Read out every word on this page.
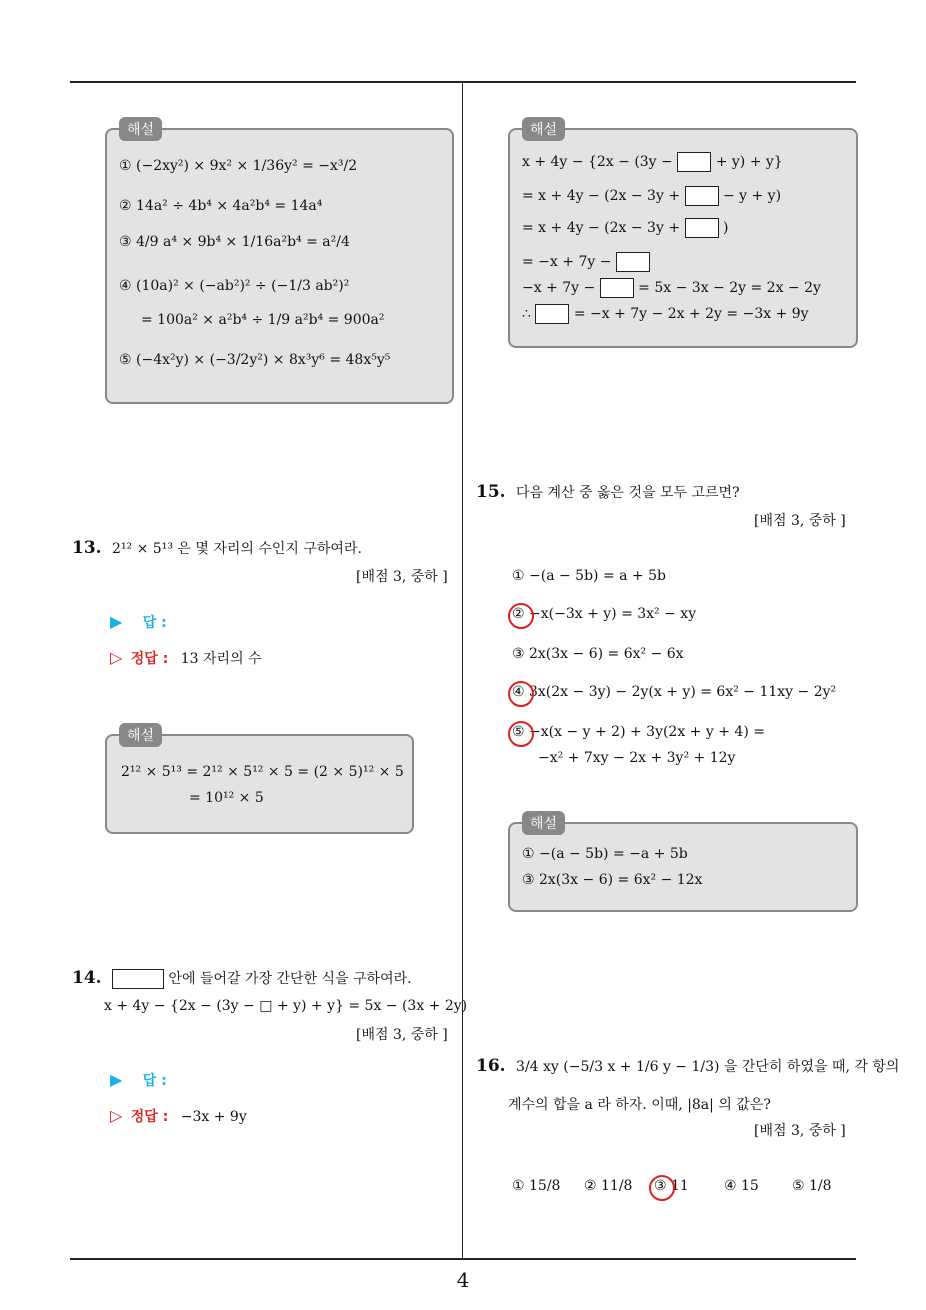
4
해설
① (−2xy²) × 9x² × 1/36y² = −x³/2
② 14a² ÷ 4b⁴ × 4a²b⁴ = 14a⁴
③ 4/9 a⁴ × 9b⁴ × 1/16a²b⁴ = a²/4
④ (10a)² × (−ab²)² ÷ (−1/3 ab²)²
= 100a² × a²b⁴ ÷ 1/9 a²b⁴ = 900a²
⑤ (−4x²y) × (−3/2y²) × 8x³y⁶ = 48x⁵y⁵
13. 2¹² × 5¹³ 은 몇 자리의 수인지 구하여라.
[배점 3, 중하 ]
▶ 답 :
▷ 정답 : 13 자리의 수
해설
2¹² × 5¹³ = 2¹² × 5¹² × 5 = (2 × 5)¹² × 5
= 10¹² × 5
14.	안에 들어갈 가장 간단한 식을 구하여라.
x + 4y − {2x − (3y − □ + y) + y} = 5x − (3x + 2y)
[배점 3, 중하 ]
▶ 답 :
▷ 정답 : −3x + 9y
해설
x + 4y − {2x − (3y −	+ y) + y}
= x + 4y − (2x − 3y +	− y + y)
= x + 4y − (2x − 3y +	)
= −x + 7y −
−x + 7y −	= 5x − 3x − 2y = 2x − 2y
∴	= −x + 7y − 2x + 2y = −3x + 9y
15. 다음 계산 중 옳은 것을 모두 고르면?
[배점 3, 중하 ]
① −(a − 5b) = a + 5b
② −x(−3x + y) = 3x² − xy
③ 2x(3x − 6) = 6x² − 6x
④ 3x(2x − 3y) − 2y(x + y) = 6x² − 11xy − 2y²
⑤ −x(x − y + 2) + 3y(2x + y + 4) =
−x² + 7xy − 2x + 3y² + 12y
해설
① −(a − 5b) = −a + 5b
③ 2x(3x − 6) = 6x² − 12x
16. 3/4 xy (−5/3 x + 1/6 y − 1/3) 을 간단히 하였을 때, 각 항의
계수의 합을 a 라 하자. 이때, |8a| 의 값은?
[배점 3, 중하 ]
① 15/8 ② 11/8 ③ 11	④ 15 ⑤ 1/8
